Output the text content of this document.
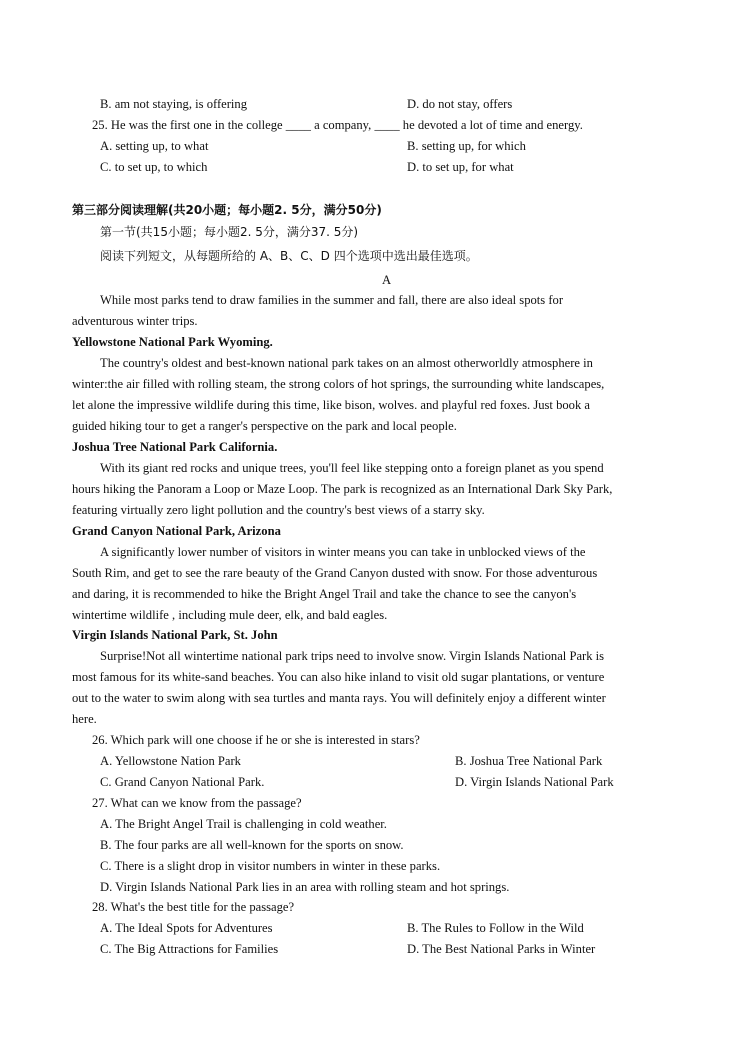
B. am not staying, is offering	D. do not stay, offers
25. He was the first one in the college ____ a company, ____ he devoted a lot of time and energy.
A. setting up, to what	B. setting up, for which
C. to set up, to which	D. to set up, for what
第三部分阅读理解(共20小题；每小题2. 5分，满分50分)
第一节(共15小题；每小题2. 5分，满分37. 5分)
阅读下列短文，从每题所给的 A、B、C、D 四个选项中选出最佳选项。
A
While most parks tend to draw families in the summer and fall, there are also ideal spots for
adventurous winter trips.
Yellowstone National Park Wyoming.
The country's oldest and best-known national park takes on an almost otherworldly atmosphere in
winter:the air filled with rolling steam, the strong colors of hot springs, the surrounding white landscapes,
let alone the impressive wildlife during this time, like bison, wolves. and playful red foxes. Just book a
guided hiking tour to get a ranger's perspective on the park and local people.
Joshua Tree National Park California.
With its giant red rocks and unique trees, you'll feel like stepping onto a foreign planet as you spend
hours hiking the Panoram a Loop or Maze Loop. The park is recognized as an International Dark Sky Park,
featuring virtually zero light pollution and the country's best views of a starry sky.
Grand Canyon National Park, Arizona
A significantly lower number of visitors in winter means you can take in unblocked views of the
South Rim, and get to see the rare beauty of the Grand Canyon dusted with snow. For those adventurous
and daring, it is recommended to hike the Bright Angel Trail and take the chance to see the canyon's
wintertime wildlife , including mule deer, elk, and bald eagles.
Virgin Islands National Park, St. John
Surprise!Not all wintertime national park trips need to involve snow. Virgin Islands National Park is
most famous for its white-sand beaches. You can also hike inland to visit old sugar plantations, or venture
out to the water to swim along with sea turtles and manta rays. You will definitely enjoy a different winter
here.
26. Which park will one choose if he or she is interested in stars?
A. Yellowstone Nation Park	B. Joshua Tree National Park
C. Grand Canyon National Park.	D. Virgin Islands National Park
27. What can we know from the passage?
A. The Bright Angel Trail is challenging in cold weather.
B. The four parks are all well-known for the sports on snow.
C. There is a slight drop in visitor numbers in winter in these parks.
D. Virgin Islands National Park lies in an area with rolling steam and hot springs.
28. What's the best title for the passage?
A. The Ideal Spots for Adventures	B. The Rules to Follow in the Wild
C. The Big Attractions for Families	D. The Best National Parks in Winter
